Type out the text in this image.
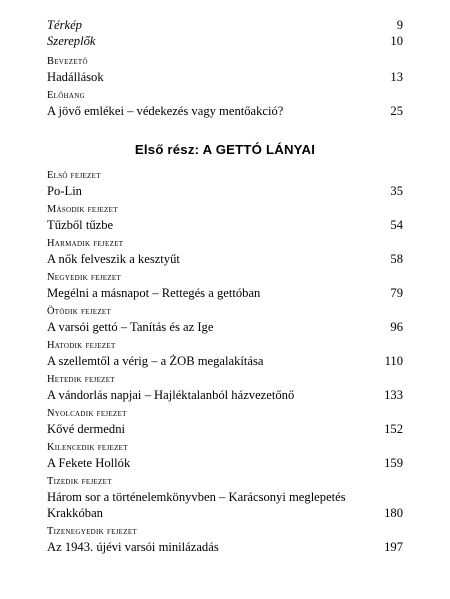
Térkép	9
Szereplők	10
Bevezető
Hadállások	13
Előhang
A jövő emlékei – védekezés vagy mentőakció?	25
Első rész: A GETTÓ LÁNYAI
Első fejezet
Po-Lin	35
Második fejezet
Tűzből tűzbe	54
Harmadik fejezet
A nők felveszik a kesztyűt	58
Negyedik fejezet
Megélni a másnapot – Rettegés a gettóban	79
Ötödik fejezet
A varsói gettó – Tanítás és az Ige	96
Hatodik fejezet
A szellemtől a vérig – a ŻOB megalakítása	110
Hetedik fejezet
A vándorlás napjai – Hajléktalanból házvezetőnő	133
Nyolcadik fejezet
Kővé dermedni	152
Kilencedik fejezet
A Fekete Hollók	159
Tizedik fejezet
Három sor a történelemkönyvben – Karácsonyi meglepetés
Krakkóban	180
Tizenegyedik fejezet
Az 1943. újévi varsói minilázadás	197
